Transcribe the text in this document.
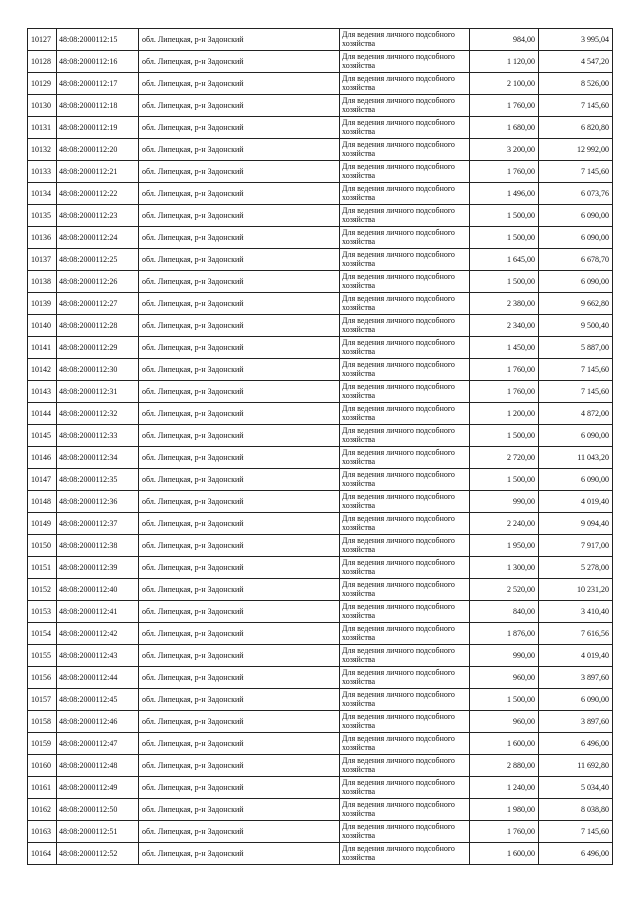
10127	48:08:2000112:15	обл. Липецкая, р-н Задонский	Для ведения личного подсобного хозяйства	984,00	3 995,04
10128	48:08:2000112:16	обл. Липецкая, р-н Задонский	Для ведения личного подсобного хозяйства	1 120,00	4 547,20
10129	48:08:2000112:17	обл. Липецкая, р-н Задонский	Для ведения личного подсобного хозяйства	2 100,00	8 526,00
10130	48:08:2000112:18	обл. Липецкая, р-н Задонский	Для ведения личного подсобного хозяйства	1 760,00	7 145,60
10131	48:08:2000112:19	обл. Липецкая, р-н Задонский	Для ведения личного подсобного хозяйства	1 680,00	6 820,80
10132	48:08:2000112:20	обл. Липецкая, р-н Задонский	Для ведения личного подсобного хозяйства	3 200,00	12 992,00
10133	48:08:2000112:21	обл. Липецкая, р-н Задонский	Для ведения личного подсобного хозяйства	1 760,00	7 145,60
10134	48:08:2000112:22	обл. Липецкая, р-н Задонский	Для ведения личного подсобного хозяйства	1 496,00	6 073,76
10135	48:08:2000112:23	обл. Липецкая, р-н Задонский	Для ведения личного подсобного хозяйства	1 500,00	6 090,00
10136	48:08:2000112:24	обл. Липецкая, р-н Задонский	Для ведения личного подсобного хозяйства	1 500,00	6 090,00
10137	48:08:2000112:25	обл. Липецкая, р-н Задонский	Для ведения личного подсобного хозяйства	1 645,00	6 678,70
10138	48:08:2000112:26	обл. Липецкая, р-н Задонский	Для ведения личного подсобного хозяйства	1 500,00	6 090,00
10139	48:08:2000112:27	обл. Липецкая, р-н Задонский	Для ведения личного подсобного хозяйства	2 380,00	9 662,80
10140	48:08:2000112:28	обл. Липецкая, р-н Задонский	Для ведения личного подсобного хозяйства	2 340,00	9 500,40
10141	48:08:2000112:29	обл. Липецкая, р-н Задонский	Для ведения личного подсобного хозяйства	1 450,00	5 887,00
10142	48:08:2000112:30	обл. Липецкая, р-н Задонский	Для ведения личного подсобного хозяйства	1 760,00	7 145,60
10143	48:08:2000112:31	обл. Липецкая, р-н Задонский	Для ведения личного подсобного хозяйства	1 760,00	7 145,60
10144	48:08:2000112:32	обл. Липецкая, р-н Задонский	Для ведения личного подсобного хозяйства	1 200,00	4 872,00
10145	48:08:2000112:33	обл. Липецкая, р-н Задонский	Для ведения личного подсобного хозяйства	1 500,00	6 090,00
10146	48:08:2000112:34	обл. Липецкая, р-н Задонский	Для ведения личного подсобного хозяйства	2 720,00	11 043,20
10147	48:08:2000112:35	обл. Липецкая, р-н Задонский	Для ведения личного подсобного хозяйства	1 500,00	6 090,00
10148	48:08:2000112:36	обл. Липецкая, р-н Задонский	Для ведения личного подсобного хозяйства	990,00	4 019,40
10149	48:08:2000112:37	обл. Липецкая, р-н Задонский	Для ведения личного подсобного хозяйства	2 240,00	9 094,40
10150	48:08:2000112:38	обл. Липецкая, р-н Задонский	Для ведения личного подсобного хозяйства	1 950,00	7 917,00
10151	48:08:2000112:39	обл. Липецкая, р-н Задонский	Для ведения личного подсобного хозяйства	1 300,00	5 278,00
10152	48:08:2000112:40	обл. Липецкая, р-н Задонский	Для ведения личного подсобного хозяйства	2 520,00	10 231,20
10153	48:08:2000112:41	обл. Липецкая, р-н Задонский	Для ведения личного подсобного хозяйства	840,00	3 410,40
10154	48:08:2000112:42	обл. Липецкая, р-н Задонский	Для ведения личного подсобного хозяйства	1 876,00	7 616,56
10155	48:08:2000112:43	обл. Липецкая, р-н Задонский	Для ведения личного подсобного хозяйства	990,00	4 019,40
10156	48:08:2000112:44	обл. Липецкая, р-н Задонский	Для ведения личного подсобного хозяйства	960,00	3 897,60
10157	48:08:2000112:45	обл. Липецкая, р-н Задонский	Для ведения личного подсобного хозяйства	1 500,00	6 090,00
10158	48:08:2000112:46	обл. Липецкая, р-н Задонский	Для ведения личного подсобного хозяйства	960,00	3 897,60
10159	48:08:2000112:47	обл. Липецкая, р-н Задонский	Для ведения личного подсобного хозяйства	1 600,00	6 496,00
10160	48:08:2000112:48	обл. Липецкая, р-н Задонский	Для ведения личного подсобного хозяйства	2 880,00	11 692,80
10161	48:08:2000112:49	обл. Липецкая, р-н Задонский	Для ведения личного подсобного хозяйства	1 240,00	5 034,40
10162	48:08:2000112:50	обл. Липецкая, р-н Задонский	Для ведения личного подсобного хозяйства	1 980,00	8 038,80
10163	48:08:2000112:51	обл. Липецкая, р-н Задонский	Для ведения личного подсобного хозяйства	1 760,00	7 145,60
10164	48:08:2000112:52	обл. Липецкая, р-н Задонский	Для ведения личного подсобного хозяйства	1 600,00	6 496,00
